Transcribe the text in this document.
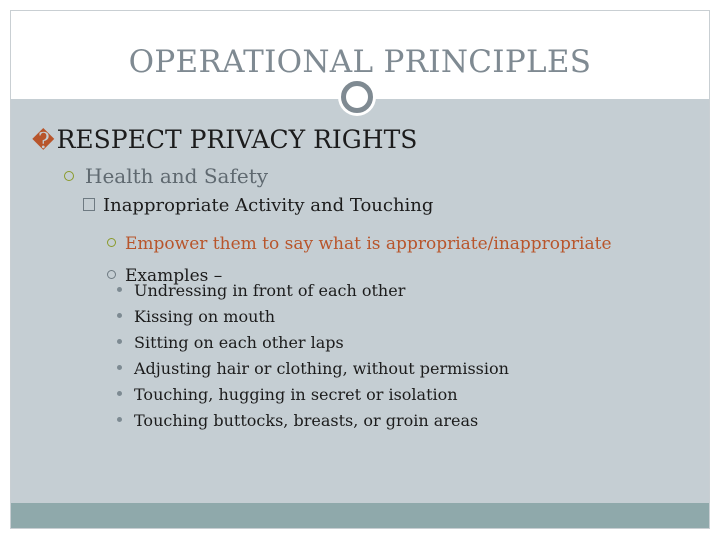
OPERATIONAL PRINCIPLES
�RESPECT PRIVACY RIGHTS
Health and Safety
Inappropriate Activity and Touching
Empower them to say what is appropriate/inappropriate
Examples –
Undressing in front of each other
Kissing on mouth
Sitting on each other laps
Adjusting hair or clothing, without permission
Touching, hugging in secret or isolation
Touching buttocks, breasts, or groin areas
